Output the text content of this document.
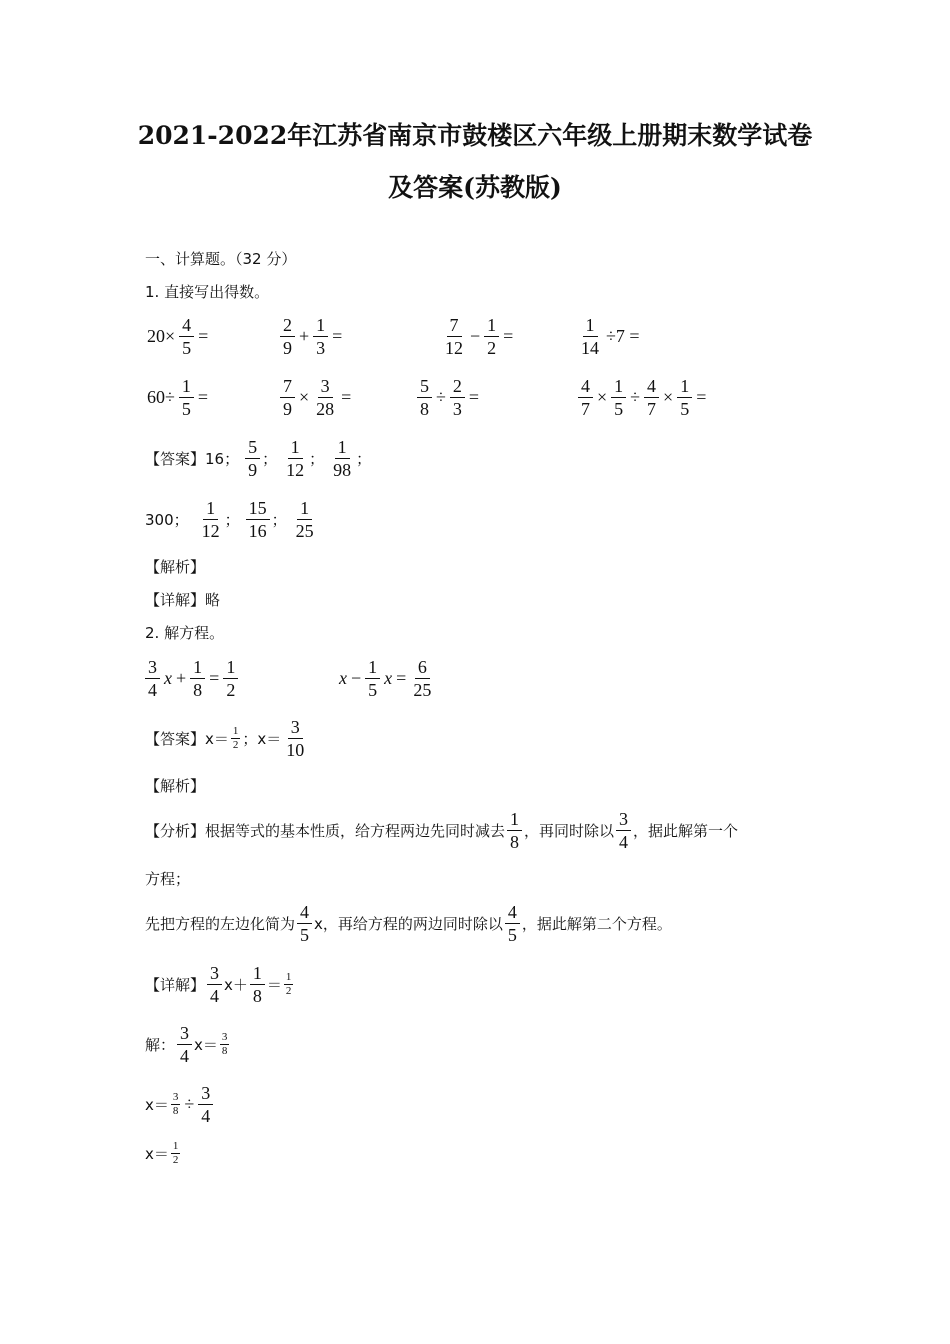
2021-2022年江苏省南京市鼓楼区六年级上册期末数学试卷
及答案(苏教版)
一、计算题。（32 分）
1. 直接写出得数。
$20\times \frac{4}{5}$ =	$\frac{2}{9} + \frac{1}{3}$ =	$\frac{7}{12} - \frac{1}{2}$ =	$\frac{1}{14} \div 7$ =
$60\div \frac{1}{5}$ =	$\frac{7}{9} \times \frac{3}{28}$ =	$\frac{5}{8} \div \frac{2}{3}$ =	$\frac{4}{7} \times \frac{1}{5} \div \frac{4}{7} \times \frac{1}{5}$ =
【答案】16； $\frac{5}{9}$ ； $\frac{1}{12}$ ； $\frac{1}{98}$ ；
300； $\frac{1}{12}$ ； $\frac{15}{16}$ ； $\frac{1}{25}$
【解析】
【详解】略
2. 解方程。
$\frac{3}{4}$ $x + \frac{1}{8} = \frac{1}{2}$	$x - \frac{1}{5}$ $x = \frac{6}{25}$
【答案】$x= \frac{1}{2}$ ；$x= \frac{3}{10}$
【解析】
【分析】根据等式的基本性质，给方程两边先同时减去 $\frac{1}{8}$ ，再同时除以 $\frac{3}{4}$ ，据此解第一个
方程；
先把方程的左边化简为 $\frac{4}{5}$ x，再给方程的两边同时除以 $\frac{4}{5}$ ，据此解第二个方程。
【详解】 $\frac{3}{4} x+ \frac{1}{8} = \frac{1}{2}$
解： $\frac{3}{4} x= \frac{3}{8}$
$x= \frac{3}{8} \div \frac{3}{4}$
$x= \frac{1}{2}$
